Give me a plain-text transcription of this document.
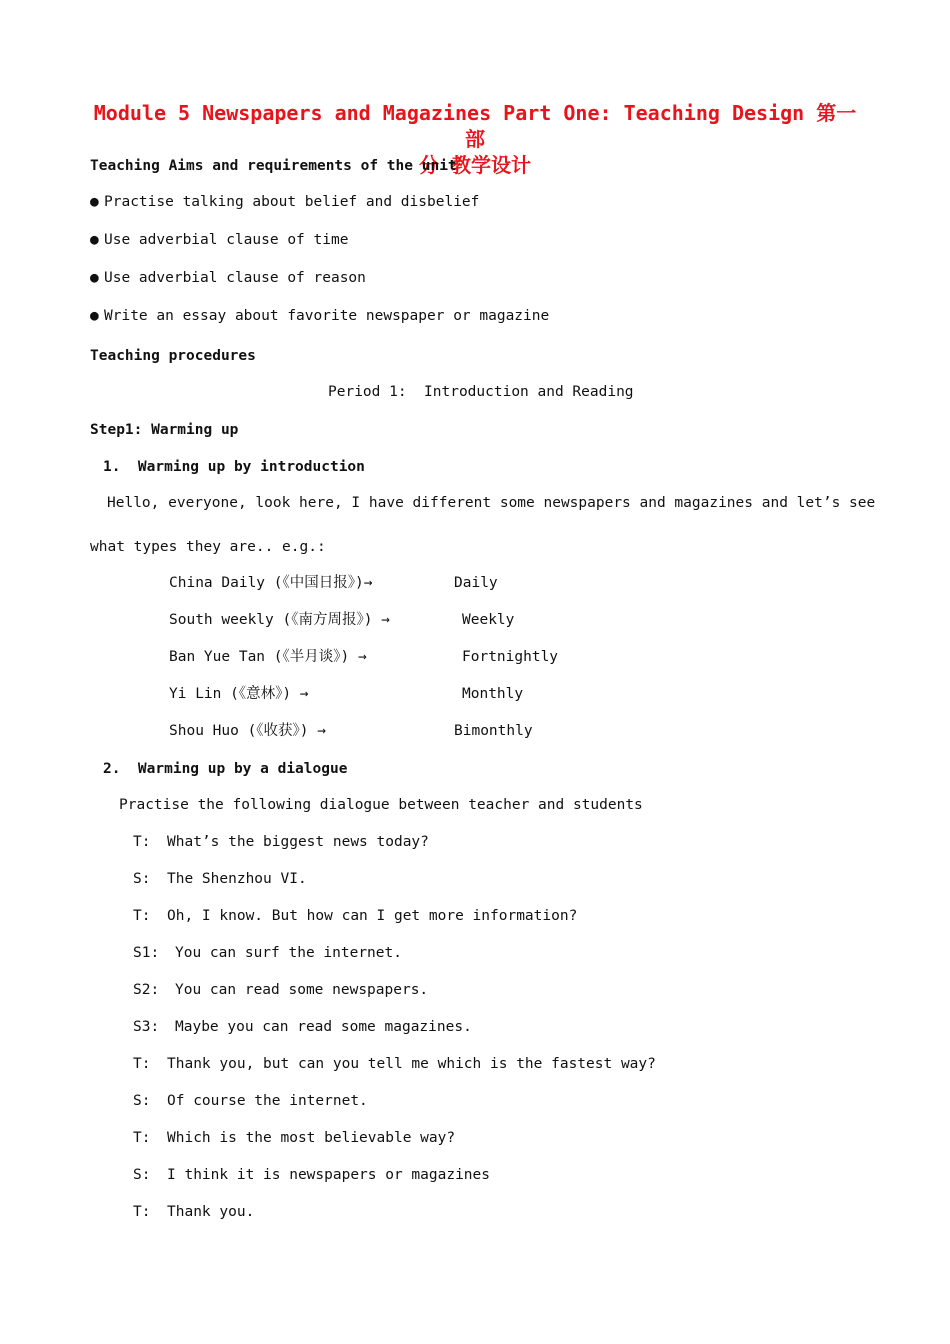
Module 5 Newspapers and Magazines Part One: Teaching Design 第一部
分 教学设计
Teaching Aims and requirements of the unit
● Practise talking about belief and disbelief
● Use adverbial clause of time
● Use adverbial clause of reason
● Write an essay about favorite newspaper or magazine
Teaching procedures
Period 1:  Introduction and Reading
Step1: Warming up
1.  Warming up by introduction
Hello, everyone, look here, I have different some newspapers and magazines and let’s see
what types they are.. e.g.:
China Daily (《中国日报》)→	Daily
South weekly (《南方周报》) →	Weekly
Ban Yue Tan (《半月谈》) →	Fortnightly
Yi Lin (《意林》) →	Monthly
Shou Huo (《收获》) →	Bimonthly
2.  Warming up by a dialogue
Practise the following dialogue between teacher and students
T: What’s the biggest news today?
S: The Shenzhou VI.
T: Oh, I know. But how can I get more information?
S1: You can surf the internet.
S2: You can read some newspapers.
S3: Maybe you can read some magazines.
T: Thank you, but can you tell me which is the fastest way?
S: Of course the internet.
T: Which is the most believable way?
S: I think it is newspapers or magazines
T: Thank you.
